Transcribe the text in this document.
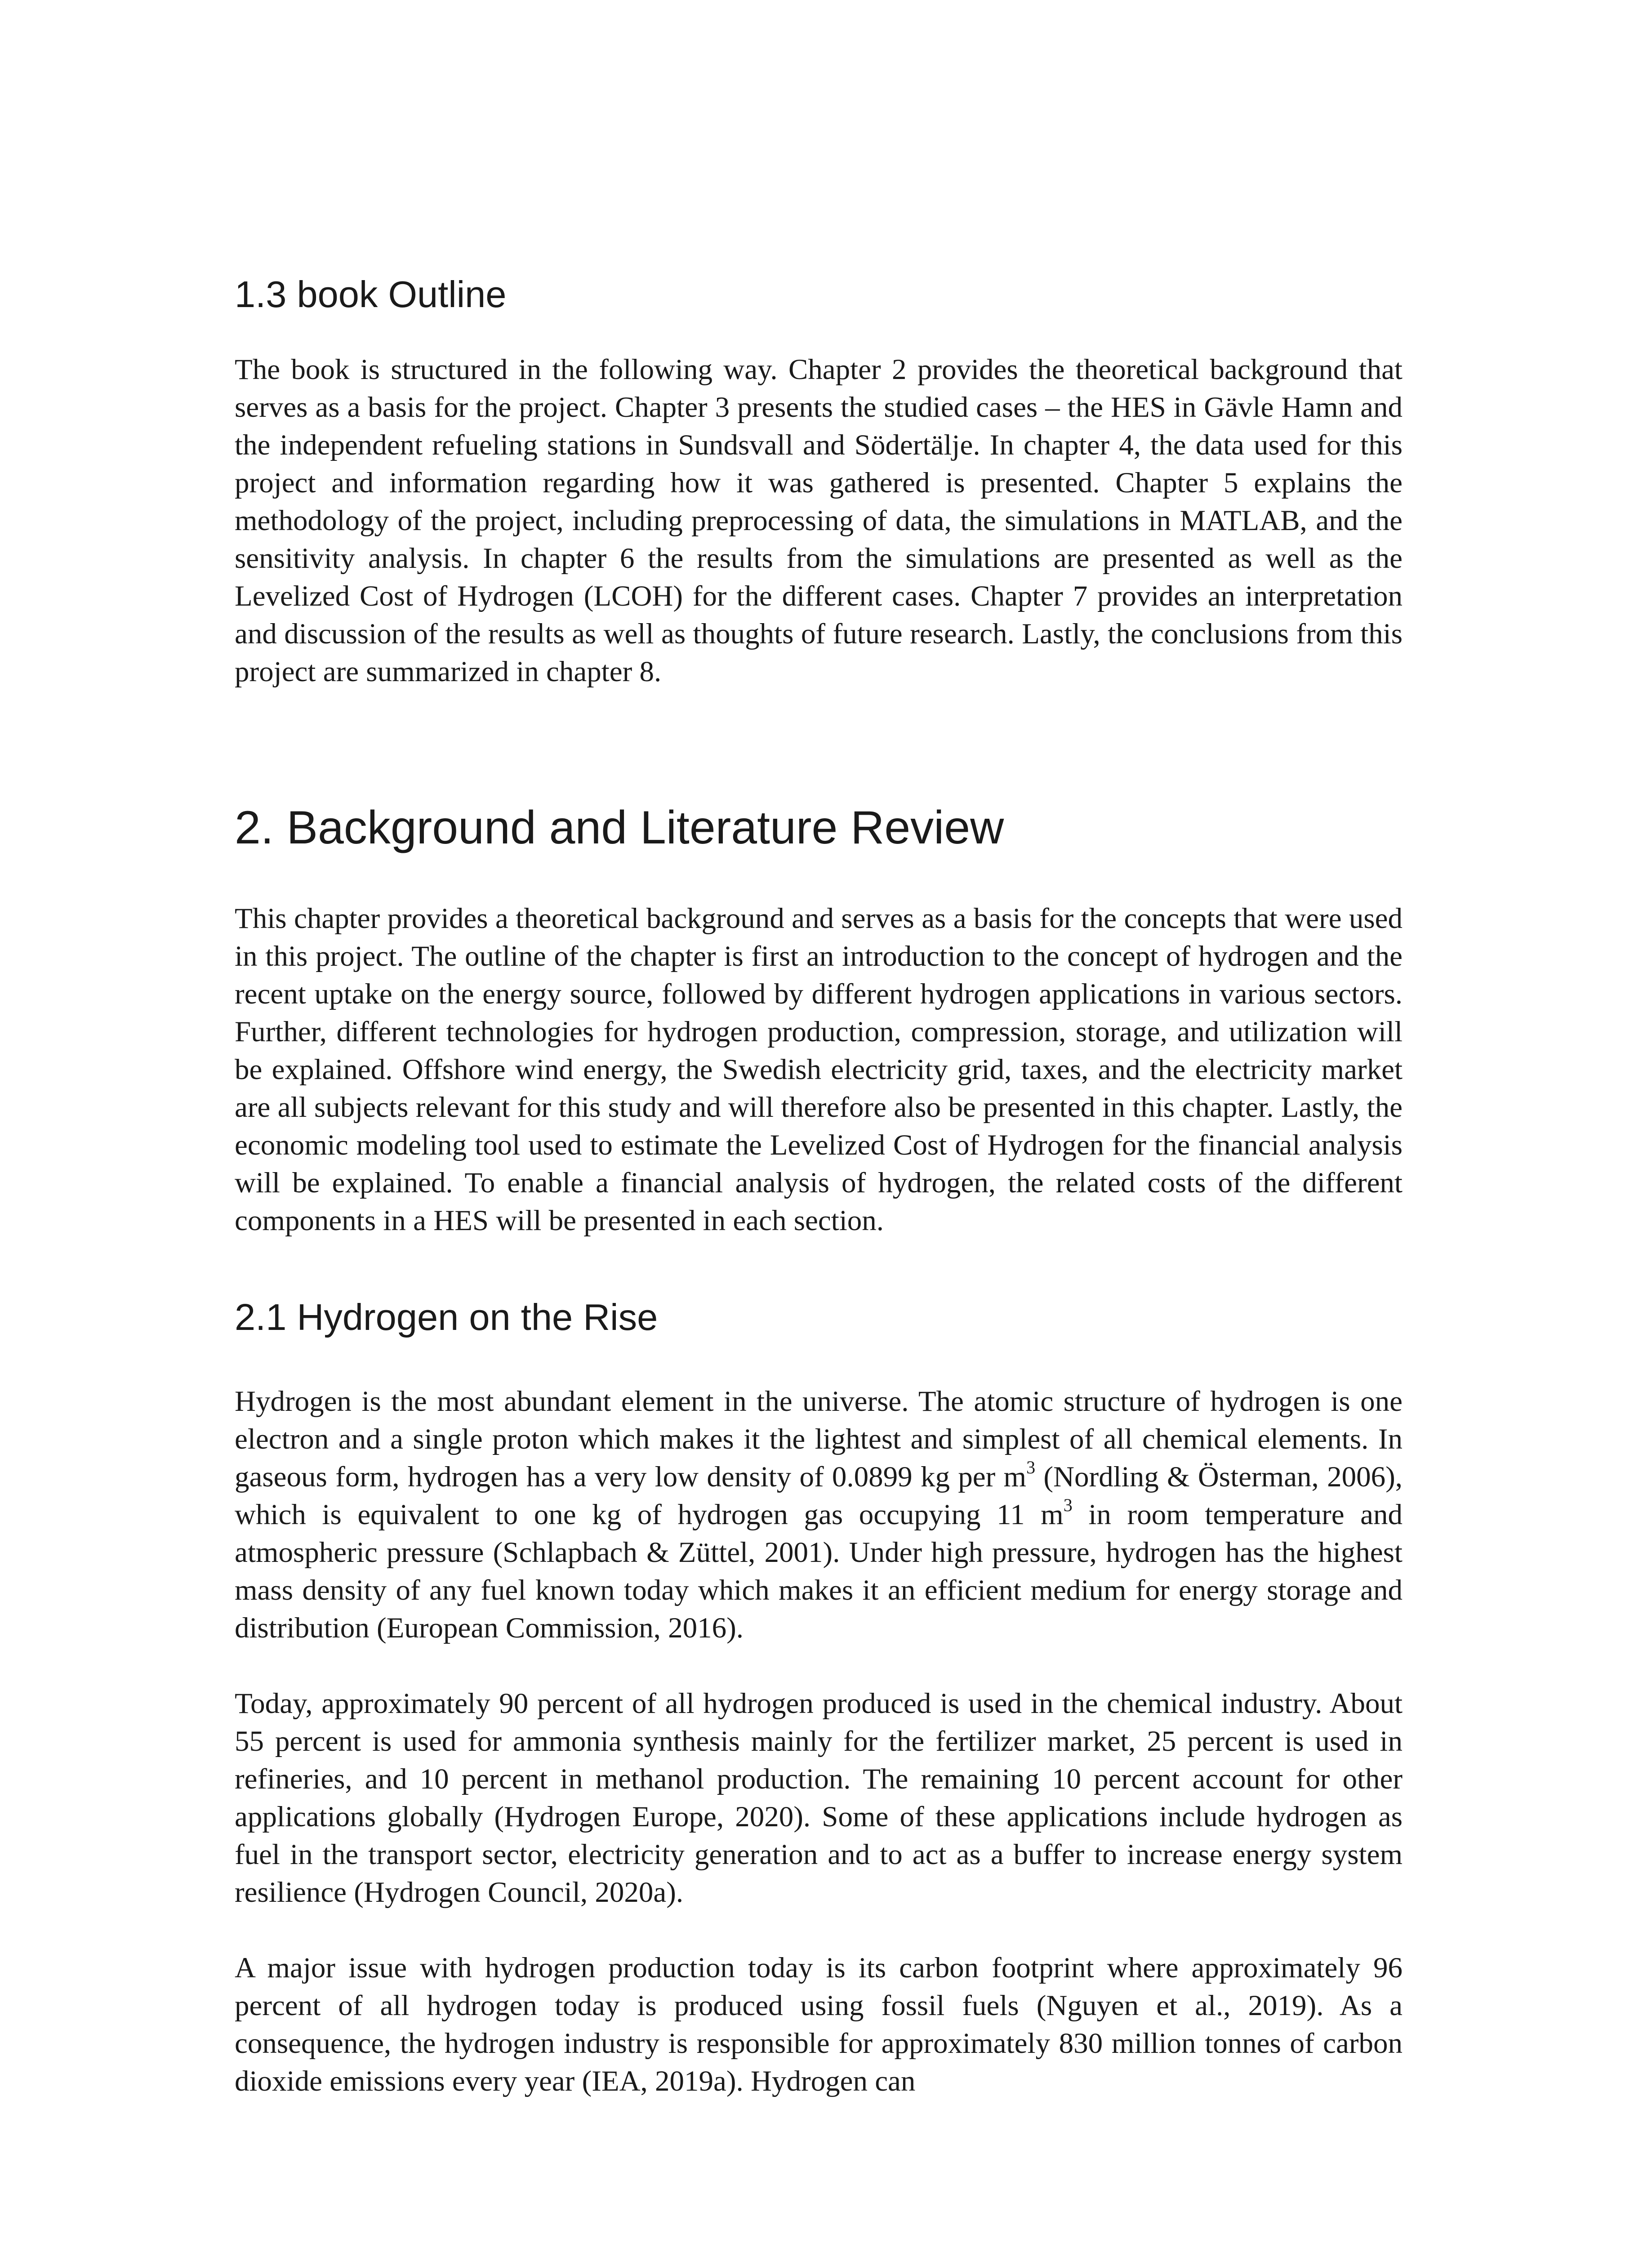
1.3 book Outline

The book is structured in the following way. Chapter 2 provides the theoretical background that serves as a basis for the project. Chapter 3 presents the studied cases – the HES in Gävle Hamn and the independent refueling stations in Sundsvall and Södertälje. In chapter 4, the data used for this project and information regarding how it was gathered is presented. Chapter 5 explains the methodology of the project, including preprocessing of data, the simulations in MATLAB, and the sensitivity analysis. In chapter 6 the results from the simulations are presented as well as the Levelized Cost of Hydrogen (LCOH) for the different cases. Chapter 7 provides an interpretation and discussion of the results as well as thoughts of future research. Lastly, the conclusions from this project are summarized in chapter 8.

2. Background and Literature Review

This chapter provides a theoretical background and serves as a basis for the concepts that were used in this project. The outline of the chapter is first an introduction to the concept of hydrogen and the recent uptake on the energy source, followed by different hydrogen applications in various sectors. Further, different technologies for hydrogen production, compression, storage, and utilization will be explained. Offshore wind energy, the Swedish electricity grid, taxes, and the electricity market are all subjects relevant for this study and will therefore also be presented in this chapter. Lastly, the economic modeling tool used to estimate the Levelized Cost of Hydrogen for the financial analysis will be explained. To enable a financial analysis of hydrogen, the related costs of the different components in a HES will be presented in each section.

2.1 Hydrogen on the Rise

Hydrogen is the most abundant element in the universe. The atomic structure of hydrogen is one electron and a single proton which makes it the lightest and simplest of all chemical elements. In gaseous form, hydrogen has a very low density of 0.0899 kg per $m^3$ (Nordling & Österman, 2006), which is equivalent to one kg of hydrogen gas occupying 11 $m^3$ in room temperature and atmospheric pressure (Schlapbach & Züttel, 2001). Under high pressure, hydrogen has the highest mass density of any fuel known today which makes it an efficient medium for energy storage and distribution (European Commission, 2016).

Today, approximately 90 percent of all hydrogen produced is used in the chemical industry. About 55 percent is used for ammonia synthesis mainly for the fertilizer market, 25 percent is used in refineries, and 10 percent in methanol production. The remaining 10 percent account for other applications globally (Hydrogen Europe, 2020). Some of these applications include hydrogen as fuel in the transport sector, electricity generation and to act as a buffer to increase energy system resilience (Hydrogen Council, 2020a).

A major issue with hydrogen production today is its carbon footprint where approximately 96 percent of all hydrogen today is produced using fossil fuels (Nguyen et al., 2019). As a consequence, the hydrogen industry is responsible for approximately 830 million tonnes of carbon dioxide emissions every year (IEA, 2019a). Hydrogen can
